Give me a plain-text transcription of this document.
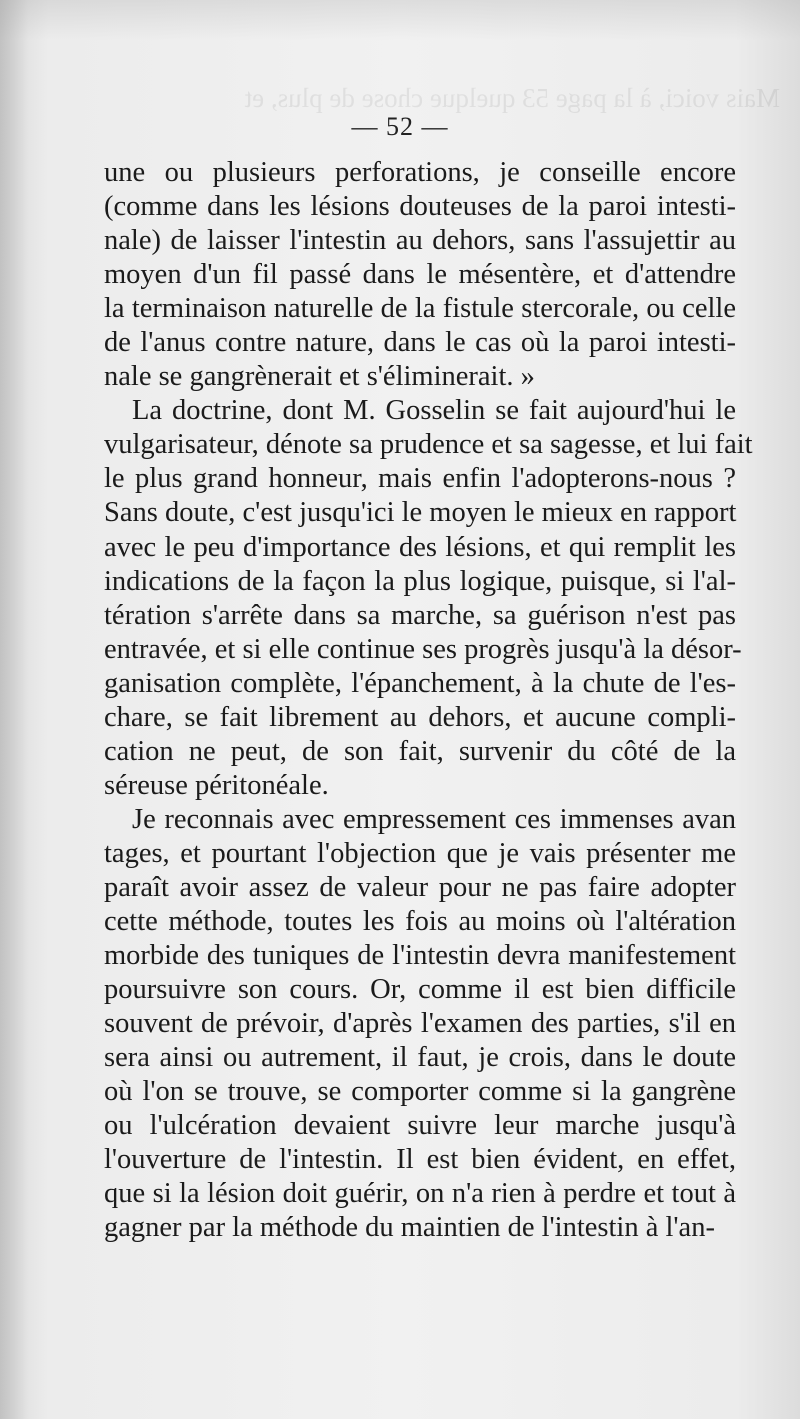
Mais voici, à la page 53 quelque chose de plus, et
— 52 —
une ou plusieurs perforations, je conseille encore
(comme dans les lésions douteuses de la paroi intesti-
nale) de laisser l'intestin au dehors, sans l'assujettir au
moyen d'un fil passé dans le mésentère, et d'attendre
la terminaison naturelle de la fistule stercorale, ou celle
de l'anus contre nature, dans le cas où la paroi intesti-
nale se gangrènerait et s'éliminerait. »
La doctrine, dont M. Gosselin se fait aujourd'hui le
vulgarisateur, dénote sa prudence et sa sagesse, et lui fait
le plus grand honneur, mais enfin l'adopterons-nous ?
Sans doute, c'est jusqu'ici le moyen le mieux en rapport
avec le peu d'importance des lésions, et qui remplit les
indications de la façon la plus logique, puisque, si l'al-
tération s'arrête dans sa marche, sa guérison n'est pas
entravée, et si elle continue ses progrès jusqu'à la désor-
ganisation complète, l'épanchement, à la chute de l'es-
chare, se fait librement au dehors, et aucune compli-
cation ne peut, de son fait, survenir du côté de la
séreuse péritonéale.
Je reconnais avec empressement ces immenses avan
tages, et pourtant l'objection que je vais présenter me
paraît avoir assez de valeur pour ne pas faire adopter
cette méthode, toutes les fois au moins où l'altération
morbide des tuniques de l'intestin devra manifestement
poursuivre son cours. Or, comme il est bien difficile
souvent de prévoir, d'après l'examen des parties, s'il en
sera ainsi ou autrement, il faut, je crois, dans le doute
où l'on se trouve, se comporter comme si la gangrène
ou l'ulcération devaient suivre leur marche jusqu'à
l'ouverture de l'intestin. Il est bien évident, en effet,
que si la lésion doit guérir, on n'a rien à perdre et tout à
gagner par la méthode du maintien de l'intestin à l'an-
